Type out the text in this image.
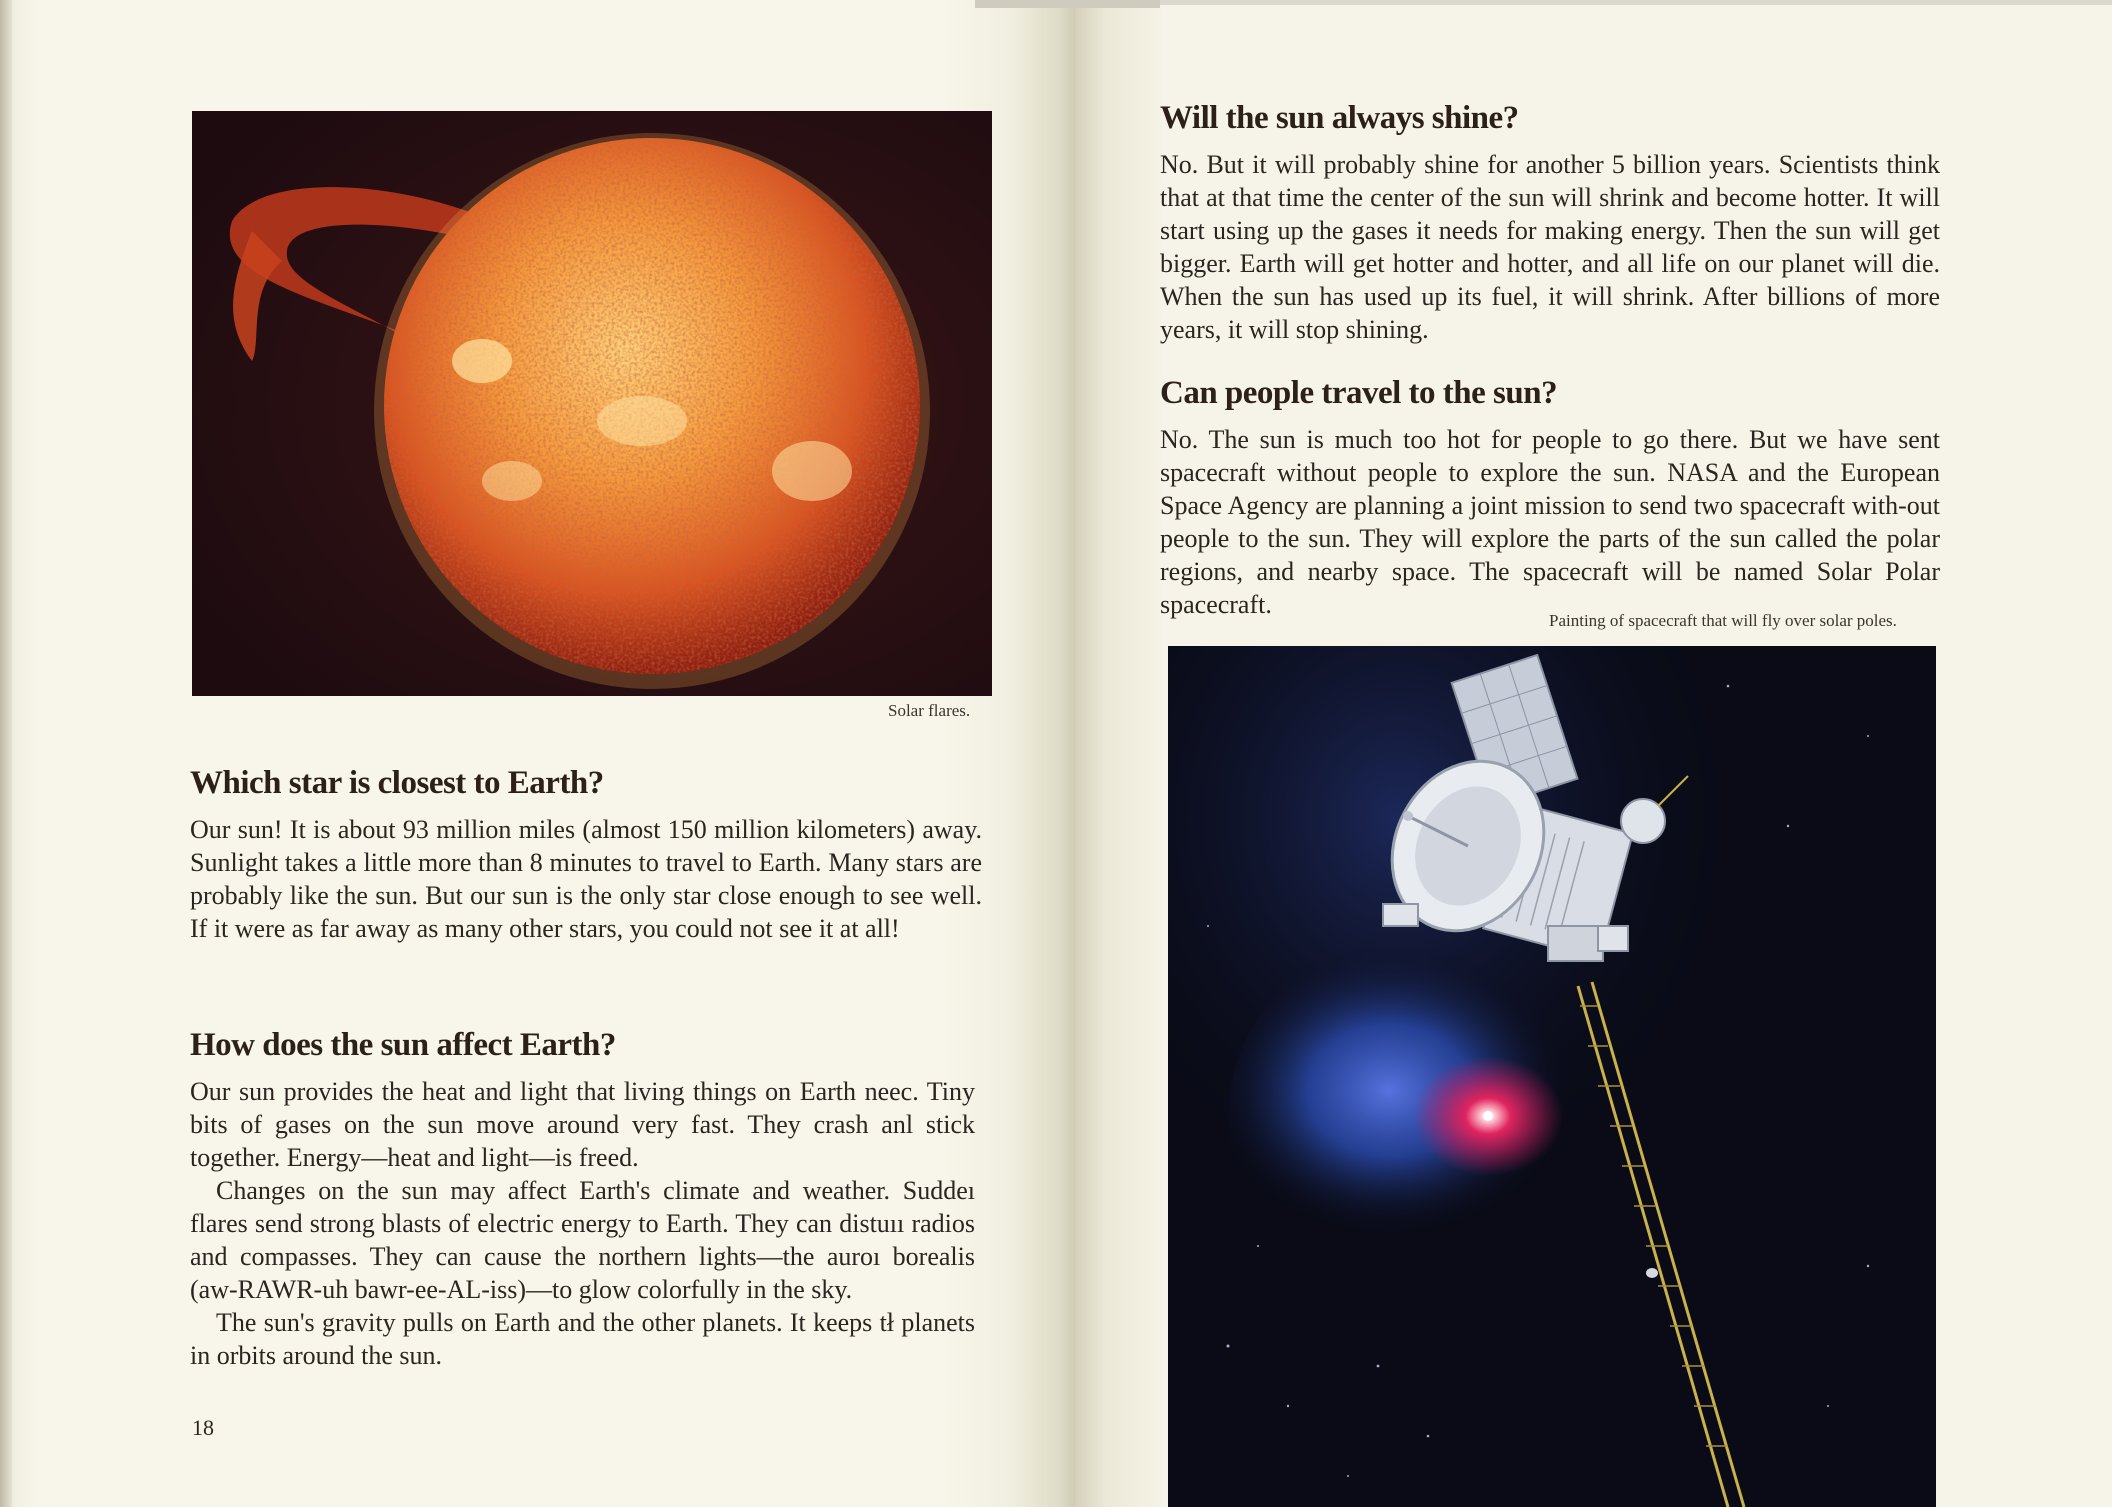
Solar flares.

Which star is closest to Earth?

Our sun! It is about 93 million miles (almost 150 million kilometers) away. Sunlight takes a little more than 8 minutes to travel to Earth. Many stars are probably like the sun. But our sun is the only star close enough to see well. If it were as far away as many other stars, you could not see it at all!

How does the sun affect Earth?

Our sun provides the heat and light that living things on Earth neec. Tiny bits of gases on the sun move around very fast. They crash anl stick together. Energy—heat and light—is freed.

Changes on the sun may affect Earth's climate and weather. Suddeı flares send strong blasts of electric energy to Earth. They can distuıı radios and compasses. They can cause the northern lights—the auroı borealis (aw-RAWR-uh bawr-ee-AL-iss)—to glow colorfully in the sky.

The sun's gravity pulls on Earth and the other planets. It keeps tł planets in orbits around the sun.

18

Will the sun always shine?

No. But it will probably shine for another 5 billion years. Scientists think that at that time the center of the sun will shrink and become hotter. It will start using up the gases it needs for making energy. Then the sun will get bigger. Earth will get hotter and hotter, and all life on our planet will die. When the sun has used up its fuel, it will shrink. After billions of more years, it will stop shining.

Can people travel to the sun?

No. The sun is much too hot for people to go there. But we have sent spacecraft without people to explore the sun. NASA and the European Space Agency are planning a joint mission to send two spacecraft with-out people to the sun. They will explore the parts of the sun called the polar regions, and nearby space. The spacecraft will be named Solar Polar spacecraft.

Painting of spacecraft that will fly over solar poles.
